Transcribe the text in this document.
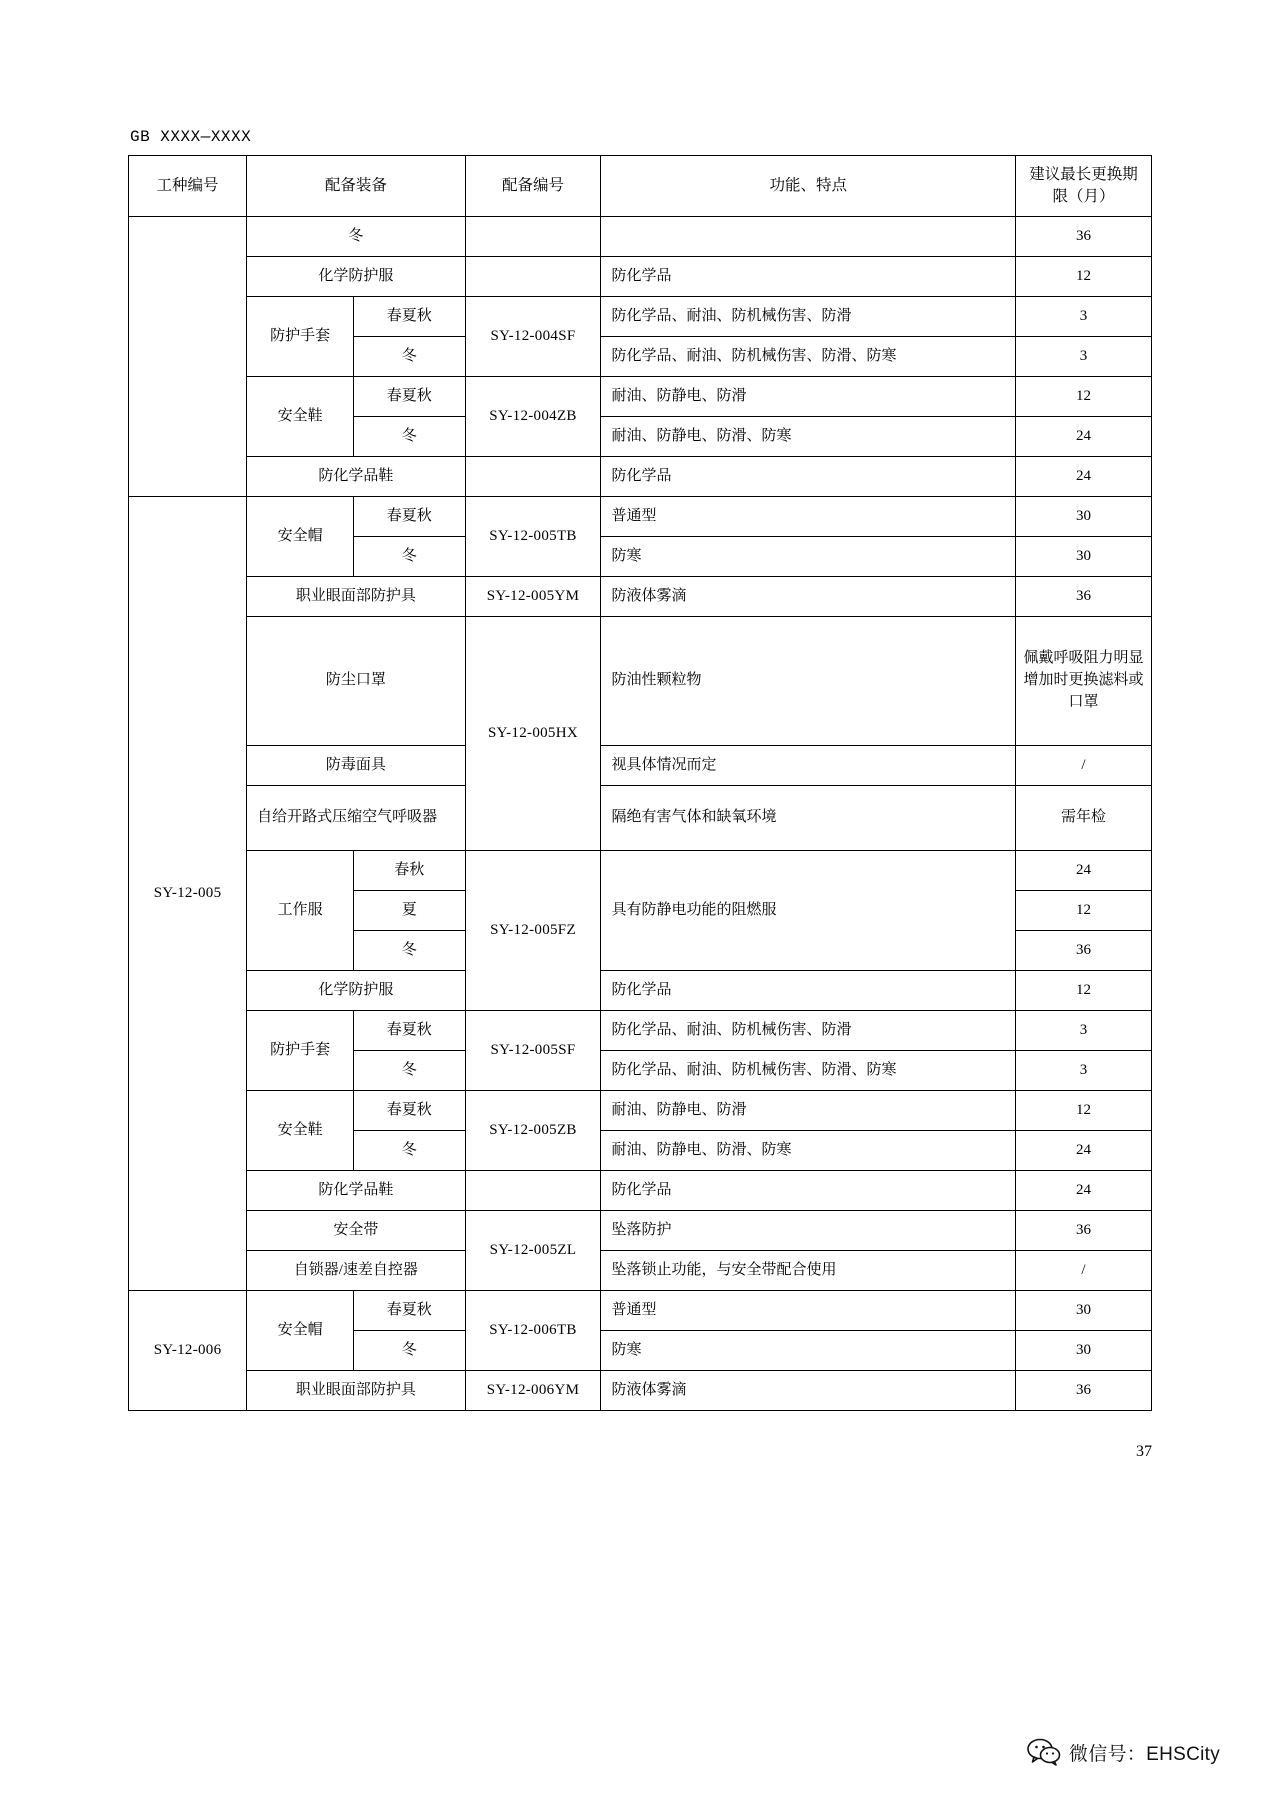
GB XXXX—XXXX
工种编号	配备装备		配备编号	功能、特点	建议最长更换期限（月）
	冬				36
	化学防护服			防化学品	12
	防护手套	春夏秋	SY-12-004SF	防化学品、耐油、防机械伤害、防滑	3
		冬		防化学品、耐油、防机械伤害、防滑、防寒	3
	安全鞋	春夏秋	SY-12-004ZB	耐油、防静电、防滑	12
		冬		耐油、防静电、防滑、防寒	24
	防化学品鞋			防化学品	24
SY-12-005	安全帽	春夏秋	SY-12-005TB	普通型	30
		冬		防寒	30
	职业眼面部防护具		SY-12-005YM	防液体雾滴	36
	防尘口罩		SY-12-005HX	防油性颗粒物	佩戴呼吸阻力明显增加时更换滤料或口罩
	防毒面具			视具体情况而定	/
	自给开路式压缩空气呼吸器			隔绝有害气体和缺氧环境	需年检
	工作服	春秋	SY-12-005FZ	具有防静电功能的阻燃服	24
		夏			12
		冬			36
	化学防护服			防化学品	12
	防护手套	春夏秋	SY-12-005SF	防化学品、耐油、防机械伤害、防滑	3
		冬		防化学品、耐油、防机械伤害、防滑、防寒	3
	安全鞋	春夏秋	SY-12-005ZB	耐油、防静电、防滑	12
		冬		耐油、防静电、防滑、防寒	24
	防化学品鞋			防化学品	24
	安全带		SY-12-005ZL	坠落防护	36
	自锁器/速差自控器			坠落锁止功能，与安全带配合使用	/
SY-12-006	安全帽	春夏秋	SY-12-006TB	普通型	30
		冬		防寒	30
	职业眼面部防护具		SY-12-006YM	防液体雾滴	36
37
微信号：EHSCity
